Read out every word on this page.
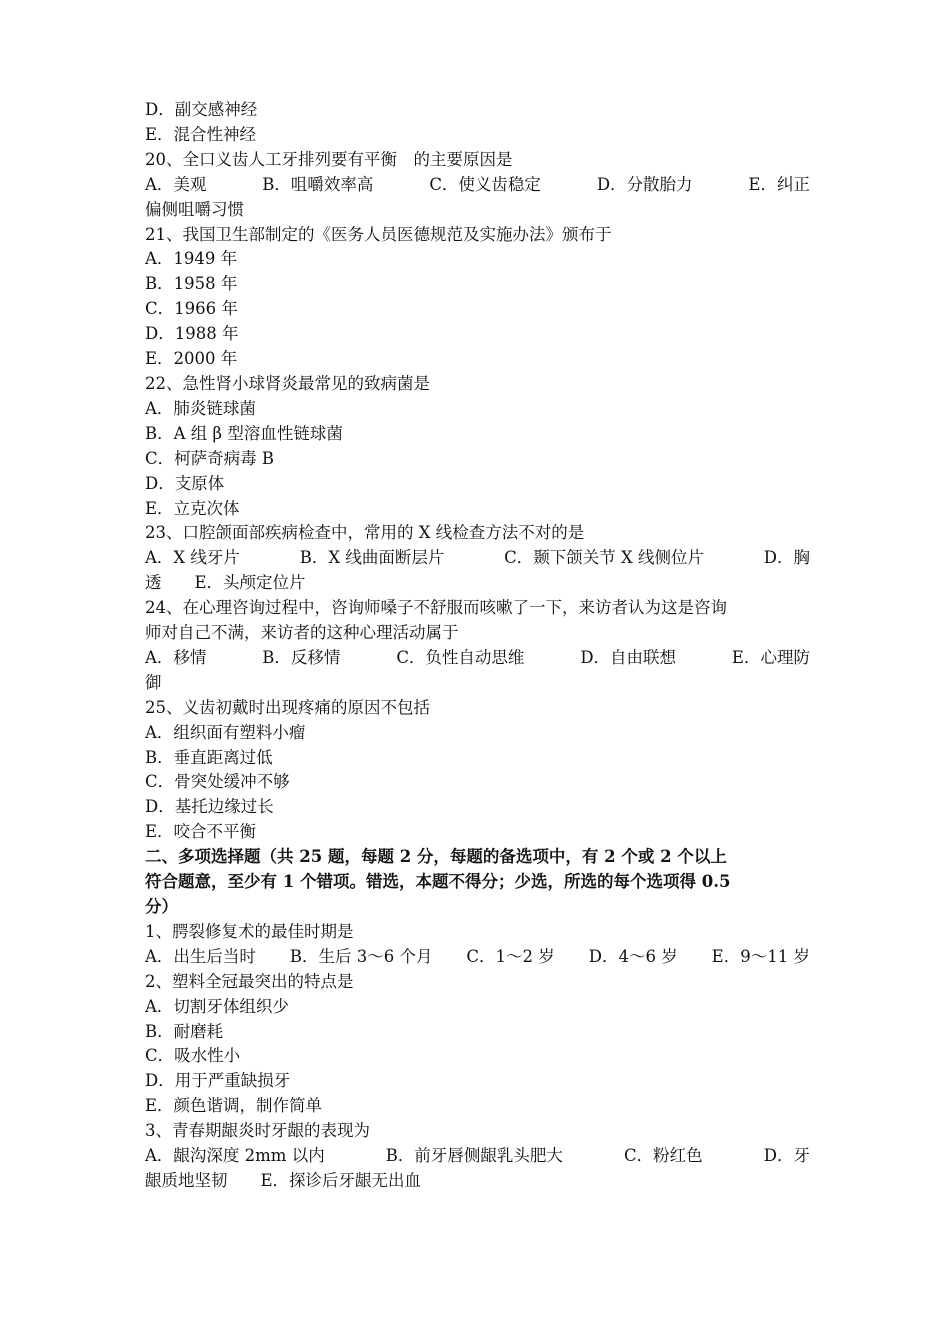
D．副交感神经
E．混合性神经
20、全口义齿人工牙排列要有平衡　的主要原因是
A．美观	B．咀嚼效率高	C．使义齿稳定	D．分散胎力	E．纠正
偏侧咀嚼习惯
21、我国卫生部制定的《医务人员医德规范及实施办法》颁布于
A．1949 年
B．1958 年
C．1966 年
D．1988 年
E．2000 年
22、急性肾小球肾炎最常见的致病菌是
A．肺炎链球菌
B．A 组 β 型溶血性链球菌
C．柯萨奇病毒 B
D．支原体
E．立克次体
23、口腔颌面部疾病检查中，常用的 X 线检查方法不对的是
A．X 线牙片	B．X 线曲面断层片	C．颞下颌关节 X 线侧位片	D．胸
透　　E．头颅定位片
24、在心理咨询过程中，咨询师嗓子不舒服而咳嗽了一下，来访者认为这是咨询
师对自己不满，来访者的这种心理活动属于
A．移情	B．反移情	C．负性自动思维	D．自由联想	E．心理防
御
25、义齿初戴时出现疼痛的原因不包括
A．组织面有塑料小瘤
B．垂直距离过低
C．骨突处缓冲不够
D．基托边缘过长
E．咬合不平衡
二、多项选择题（共 25 题，每题 2 分，每题的备选项中，有 2 个或 2 个以上
符合题意，至少有 1 个错项。错选，本题不得分；少选，所选的每个选项得 0.5
分）
1、腭裂修复术的最佳时期是
A．出生后当时 B．生后 3～6 个月 C．1～2 岁 D．4～6 岁 E．9～11 岁
2、塑料全冠最突出的特点是
A．切割牙体组织少
B．耐磨耗
C．吸水性小
D．用于严重缺损牙
E．颜色谐调，制作简单
3、青春期龈炎时牙龈的表现为
A．龈沟深度 2mm 以内	B．前牙唇侧龈乳头肥大	C．粉红色	D．牙
龈质地坚韧　　E．探诊后牙龈无出血
